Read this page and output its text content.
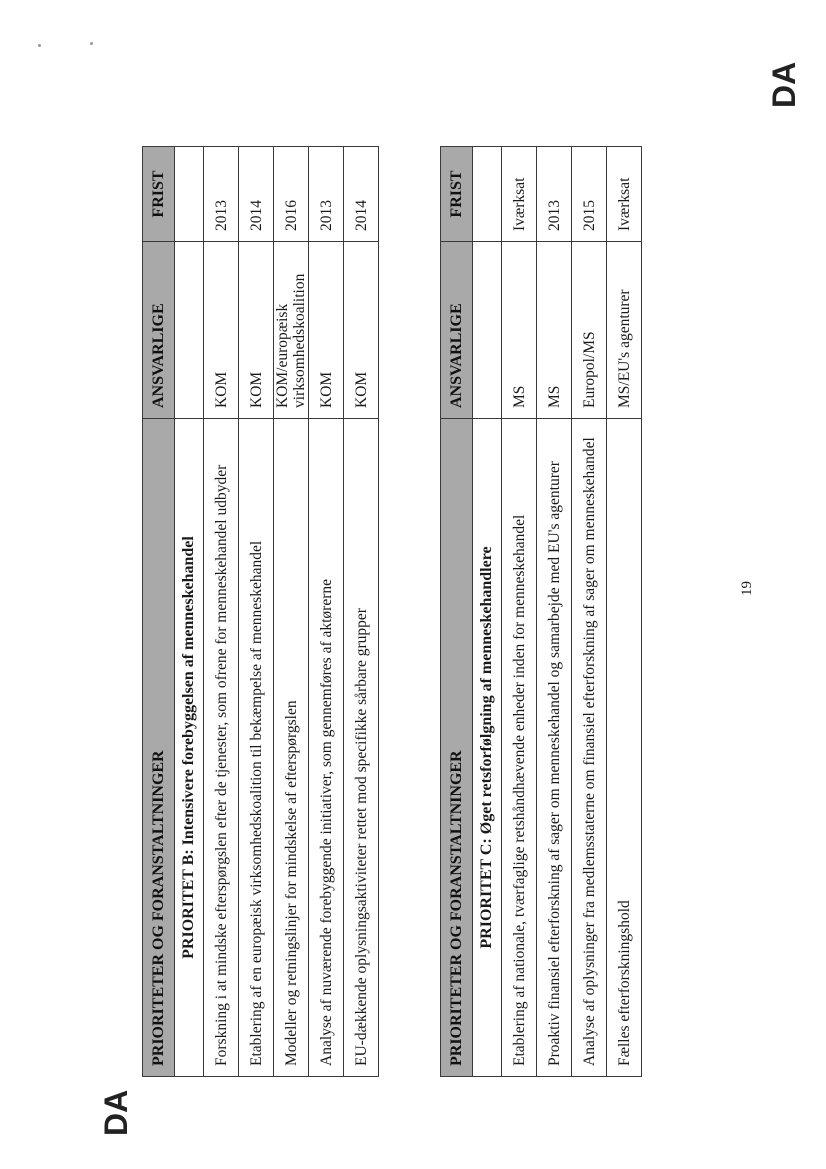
DA
DA
19
PRIORITETER OG FORANSTALTNINGER	ANSVARLIGE	FRIST
PRIORITET B: Intensivere forebyggelsen af menneskehandel		
Forskning i at mindske efterspørgslen efter de tjenester, som ofrene for menneskehandel udbyder	KOM	2013
Etablering af en europæisk virksomhedskoalition til bekæmpelse af menneskehandel	KOM	2014
Modeller og retningslinjer for mindskelse af efterspørgslen	KOM/europæisk virksomhedskoalition	2016
Analyse af nuværende forebyggende initiativer, som gennemføres af aktørerne	KOM	2013
EU-dækkende oplysningsaktiviteter rettet mod specifikke sårbare grupper	KOM	2014
PRIORITETER OG FORANSTALTNINGER	ANSVARLIGE	FRIST
PRIORITET C: Øget retsforfølgning af menneskehandlere		
Etablering af nationale, tværfaglige retshåndhævende enheder inden for menneskehandel	MS	Iværksat
Proaktiv finansiel efterforskning af sager om menneskehandel og samarbejde med EU's agenturer	MS	2013
Analyse af oplysninger fra medlemsstaterne om finansiel efterforskning af sager om menneskehandel	Europol/MS	2015
Fælles efterforskningshold	MS/EU's agenturer	Iværksat
